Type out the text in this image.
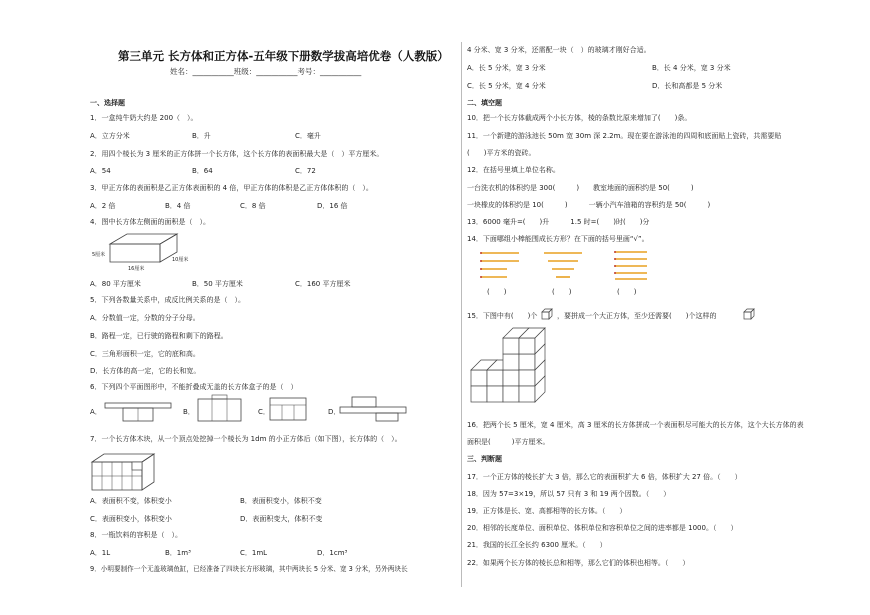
第三单元 长方体和正方体-五年级下册数学拔高培优卷（人教版）
姓名：___________班级：___________考号：___________
一、选择题
1．一盒纯牛奶大约是 200（　）。
A．立方分米	B．升	C．毫升
2．用四个棱长为 3 厘米的正方体拼一个长方体，这个长方体的表面积最大是（　）平方厘米。
A．54	B．64	C．72
3．甲正方体的表面积是乙正方体表面积的 4 倍，甲正方体的体积是乙正方体体积的（　）。
A．2 倍	B．4 倍	C．8 倍	D．16 倍
4．图中长方体左侧面的面积是（　）。
5厘米
16厘米
10厘米
A．80 平方厘米	B．50 平方厘米	C．160 平方厘米
5．下列各数量关系中，成反比例关系的是（　）。
A．分数值一定，分数的分子分母。
B．路程一定，已行驶的路程和剩下的路程。
C．三角形面积一定，它的底和高。
D．长方体的高一定，它的长和宽。
6．下列四个平面图形中，不能折叠成无盖的长方体盒子的是（　）
A．	B．	C．	D．
7．一个长方体木块，从一个顶点处挖掉一个棱长为 1dm 的小正方体后（如下图），长方体的（　）。
A．表面积不变，体积变小	B．表面积变小，体积不变
C．表面积变小，体积变小	D．表面积变大，体积不变
8．一瓶饮料的容积是（　）。
A．1L	B．1m³	C．1mL	D．1cm³
9．小明要制作一个无盖玻璃鱼缸，已经准备了四块长方形玻璃，其中两块长 5 分米、宽 3 分米，另外两块长
4 分米、宽 3 分米，还需配一块（　）的玻璃才刚好合适。
A．长 5 分米，宽 3 分米	B．长 4 分米，宽 3 分米
C．长 5 分米，宽 4 分米	D．长和高都是 5 分米
二、填空题
10．把一个长方体截成两个小长方体，棱的条数比原来增加了(　　)条。
11．一个新建的游泳池长 50m 宽 30m 深 2.2m。现在要在游泳池的四周和底面贴上瓷砖，共需要贴
(　　)平方米的瓷砖。
12．在括号里填上单位名称。
一台洗衣机的体积约是 300(　　　)　　教室地面的面积约是 50(　　　)
一块橡皮的体积约是 10(　　　)　　　一辆小汽车油箱的容积约是 50(　　　)
13．6000 毫升=(　　)升　　　1.5 时=(　　)时(　　)分
14．下面哪组小棒能围成长方形？在下面的括号里画“√”。
(　　)	(　　)	(　　)
15．下图中有(　　)个	，要拼成一个大正方体，至少还需要(　　)个这样的
16．把两个长 5 厘米，宽 4 厘米，高 3 厘米的长方体拼成一个表面积尽可能大的长方体，这个大长方体的表
面积是(　　　)平方厘米。
三、判断题
17．一个正方体的棱长扩大 3 倍，那么它的表面积扩大 6 倍，体积扩大 27 倍。（　　）
18．因为 57=3×19，所以 57 只有 3 和 19 两个因数。（　　）
19．正方体是长、宽、高都相等的长方体。（　　）
20．相邻的长度单位、面积单位、体积单位和容积单位之间的进率都是 1000。（　　）
21．我国的长江全长约 6300 厘米。（　　）
22．如果两个长方体的棱长总和相等，那么它们的体积也相等。（　　）
